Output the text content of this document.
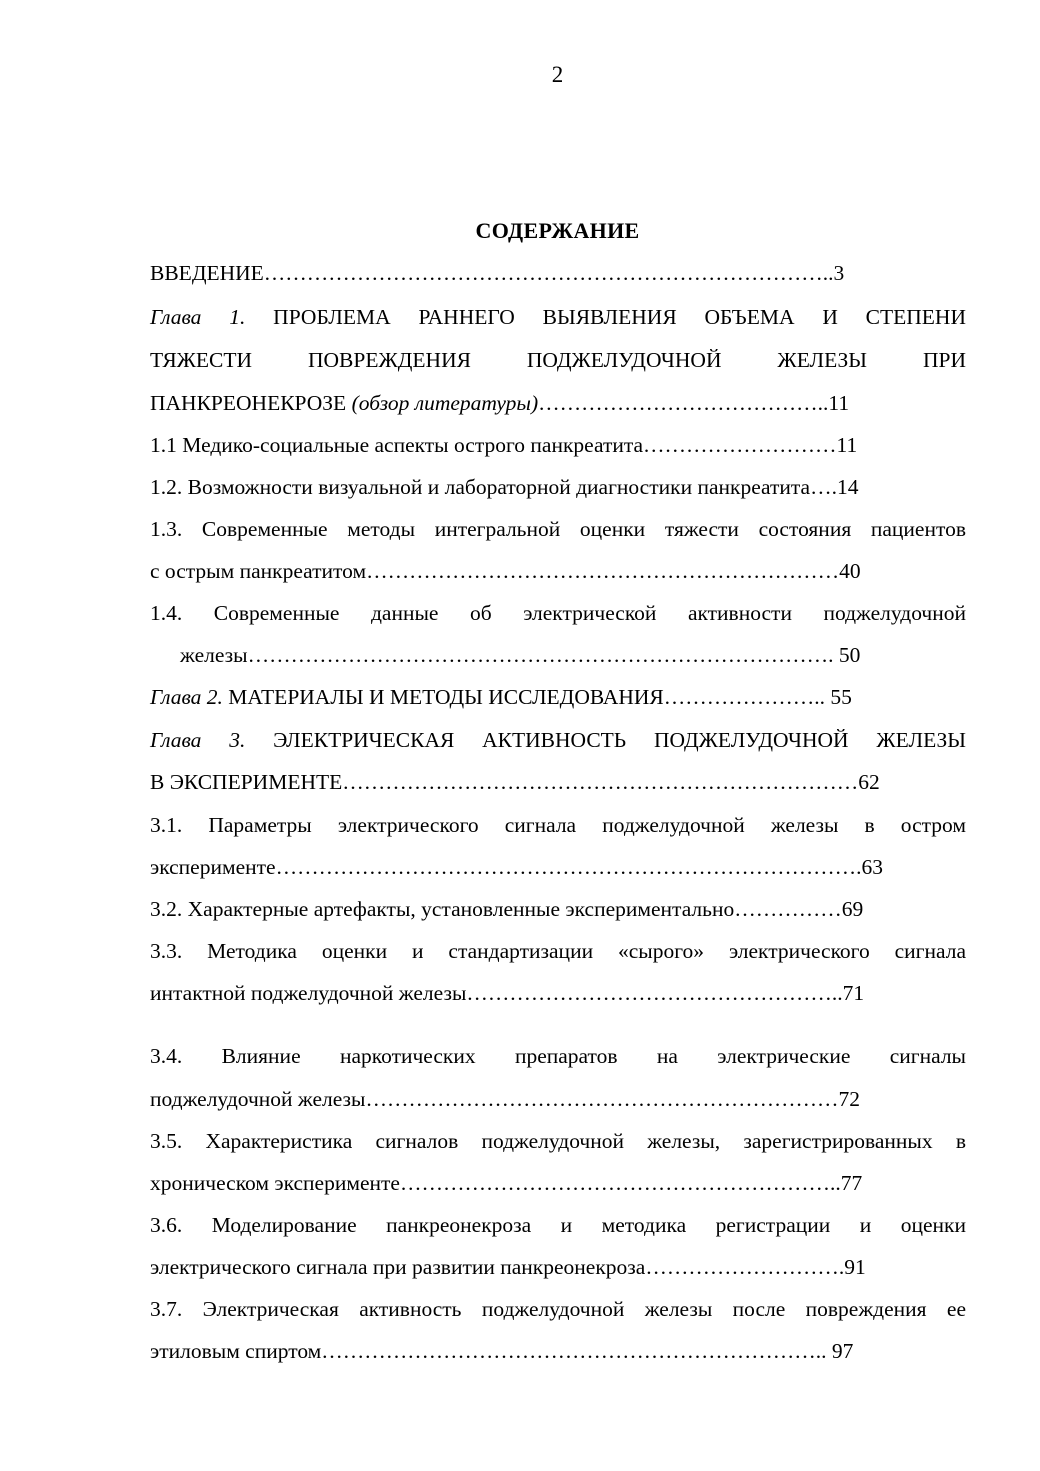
2
СОДЕРЖАНИЕ
ВВЕДЕНИЕ……………………………………………………………………..3
Глава 1. ПРОБЛЕМА РАННЕГО ВЫЯВЛЕНИЯ ОБЪЕМА И СТЕПЕНИ
ТЯЖЕСТИ ПОВРЕЖДЕНИЯ ПОДЖЕЛУДОЧНОЙ ЖЕЛЕЗЫ ПРИ
ПАНКРЕОНЕКРОЗЕ (обзор литературы)…………………………………..11
1.1 Медико-социальные аспекты острого панкреатита………………………11
1.2. Возможности визуальной и лабораторной диагностики панкреатита….14
1.3. Современные методы интегральной оценки тяжести состояния пациентов
с острым панкреатитом…………………………………………………………40
1.4. Современные данные об электрической активности поджелудочной
железы………………………………………………………………………. 50
Глава 2. МАТЕРИАЛЫ И МЕТОДЫ ИССЛЕДОВАНИЯ………………….. 55
Глава 3. ЭЛЕКТРИЧЕСКАЯ АКТИВНОСТЬ ПОДЖЕЛУДОЧНОЙ ЖЕЛЕЗЫ
В ЭКСПЕРИМЕНТЕ………………………………………………………………62
3.1. Параметры электрического сигнала поджелудочной железы в остром
эксперименте……………………………………………………………………….63
3.2. Характерные артефакты, установленные экспериментально……………69
3.3. Методика оценки и стандартизации «сырого» электрического сигнала
интактной поджелудочной железы……………………………………………..71
3.4. Влияние наркотических препаратов на электрические сигналы
поджелудочной железы…………………………………………………………72
3.5. Характеристика сигналов поджелудочной железы, зарегистрированных в
хроническом эксперименте……………………………………………………..77
3.6. Моделирование панкреонекроза и методика регистрации и оценки
электрического сигнала при развитии панкреонекроза……………………….91
3.7. Электрическая активность поджелудочной железы после повреждения ее
этиловым спиртом…………………………………………………………….. 97
